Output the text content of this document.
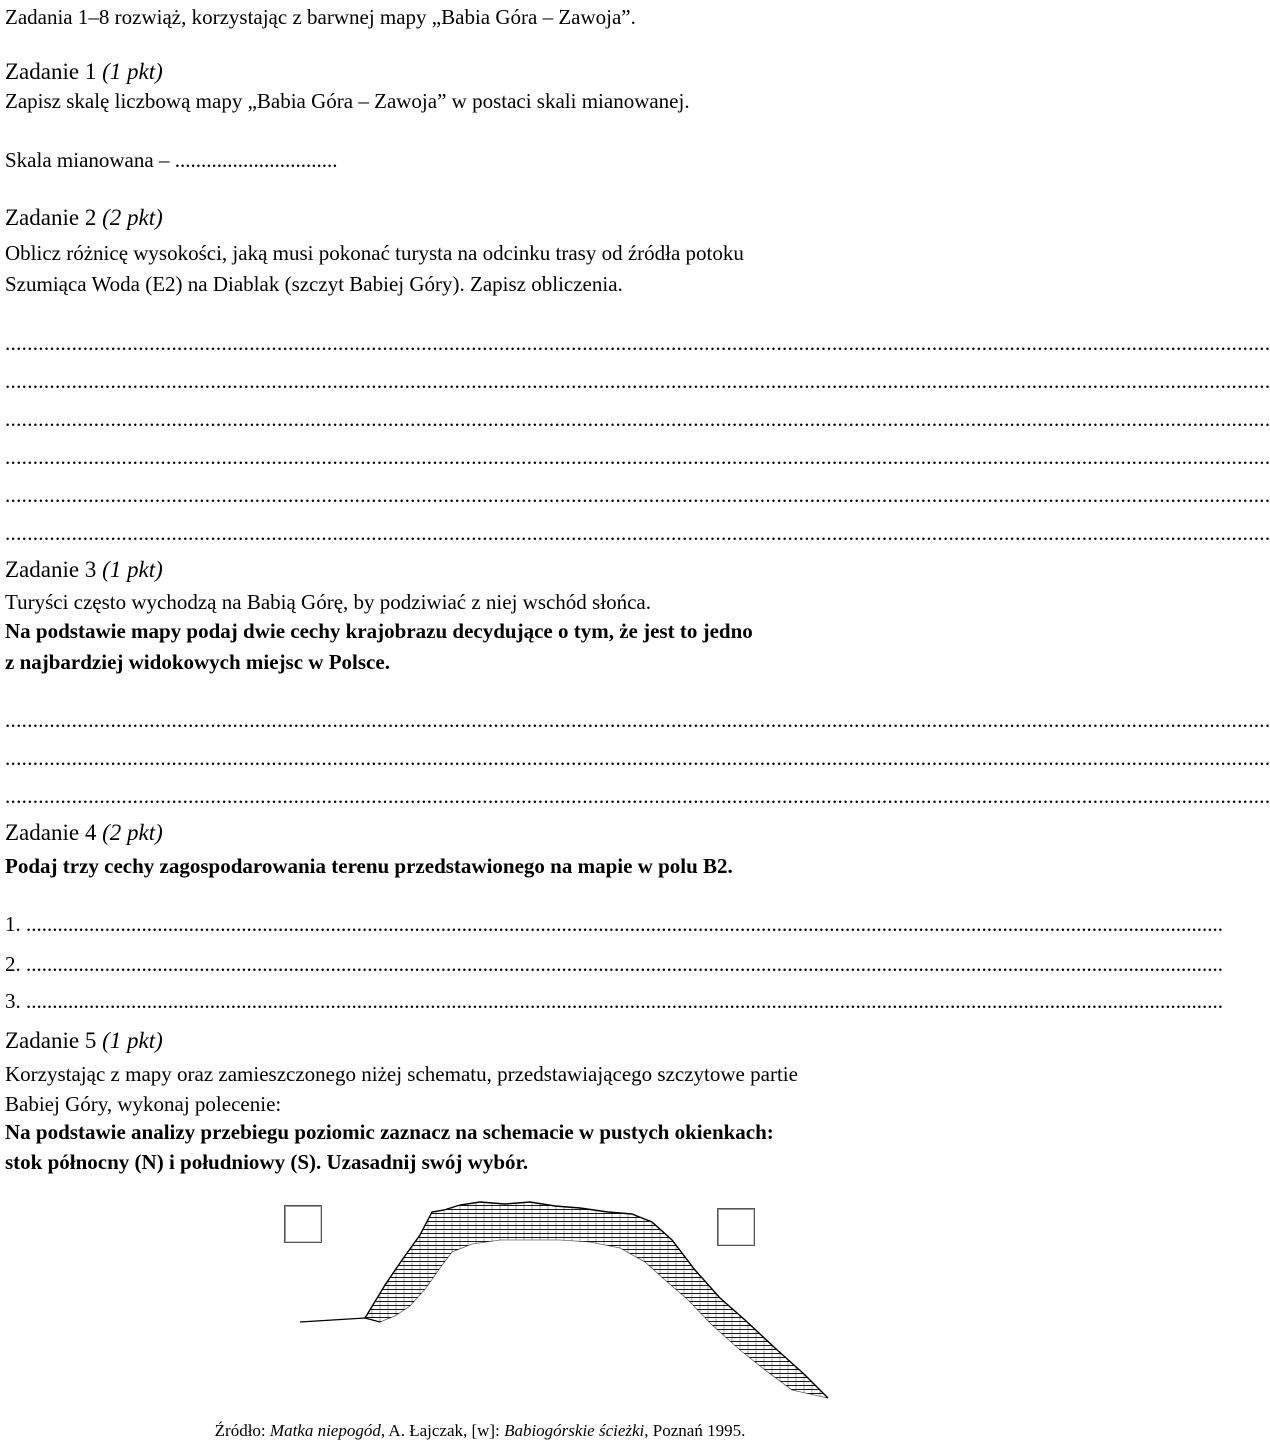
Zadania 1–8 rozwiąż, korzystając z barwnej mapy „Babia Góra – Zawoja”.
Zadanie 1 (1 pkt)
Zapisz skalę liczbową mapy „Babia Góra – Zawoja” w postaci skali mianowanej.
Skala mianowana – ...............................
Zadanie 2 (2 pkt)
Oblicz różnicę wysokości, jaką musi pokonać turysta na odcinku trasy od źródła potoku
Szumiąca Woda (E2) na Diablak (szczyt Babiej Góry). Zapisz obliczenia.
....................................................................................................................................................................................................................................
....................................................................................................................................................................................................................................
....................................................................................................................................................................................................................................
....................................................................................................................................................................................................................................
....................................................................................................................................................................................................................................
....................................................................................................................................................................................................................................
Zadanie 3 (1 pkt)
Turyści często wychodzą na Babią Górę, by podziwiać z niej wschód słońca.
Na podstawie mapy podaj dwie cechy krajobrazu decydujące o tym, że jest to jedno
z najbardziej widokowych miejsc w Polsce.
....................................................................................................................................................................................................................................
....................................................................................................................................................................................................................................
....................................................................................................................................................................................................................................
Zadanie 4 (2 pkt)
Podaj trzy cechy zagospodarowania terenu przedstawionego na mapie w polu B2.
1. ....................................................................................................................................................................................................................................
2. ....................................................................................................................................................................................................................................
3. ....................................................................................................................................................................................................................................
Zadanie 5 (1 pkt)
Korzystając z mapy oraz zamieszczonego niżej schematu, przedstawiającego szczytowe partie
Babiej Góry, wykonaj polecenie:
Na podstawie analizy przebiegu poziomic zaznacz na schemacie w pustych okienkach:
stok północny (N) i południowy (S). Uzasadnij swój wybór.
Źródło: Matka niepogód, A. Łajczak, [w]: Babiogórskie ścieżki, Poznań 1995.
